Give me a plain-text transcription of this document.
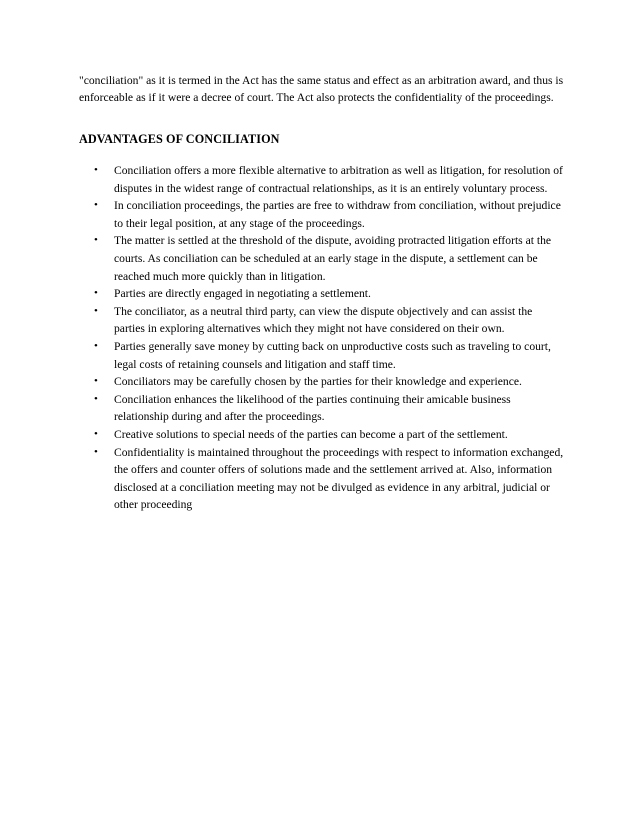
"conciliation" as it is termed in the Act has the same status and effect as an arbitration award, and thus is enforceable as if it were a decree of court. The Act also protects the confidentiality of the proceedings.

ADVANTAGES OF CONCILIATION
• Conciliation offers a more flexible alternative to arbitration as well as litigation, for resolution of disputes in the widest range of contractual relationships, as it is an entirely voluntary process.
• In conciliation proceedings, the parties are free to withdraw from conciliation, without prejudice to their legal position, at any stage of the proceedings.
• The matter is settled at the threshold of the dispute, avoiding protracted litigation efforts at the courts. As conciliation can be scheduled at an early stage in the dispute, a settlement can be reached much more quickly than in litigation.
• Parties are directly engaged in negotiating a settlement.
• The conciliator, as a neutral third party, can view the dispute objectively and can assist the parties in exploring alternatives which they might not have considered on their own.
• Parties generally save money by cutting back on unproductive costs such as traveling to court, legal costs of retaining counsels and litigation and staff time.
• Conciliators may be carefully chosen by the parties for their knowledge and experience.
• Conciliation enhances the likelihood of the parties continuing their amicable business relationship during and after the proceedings.
• Creative solutions to special needs of the parties can become a part of the settlement.
• Confidentiality is maintained throughout the proceedings with respect to information exchanged, the offers and counter offers of solutions made and the settlement arrived at. Also, information disclosed at a conciliation meeting may not be divulged as evidence in any arbitral, judicial or other proceeding
